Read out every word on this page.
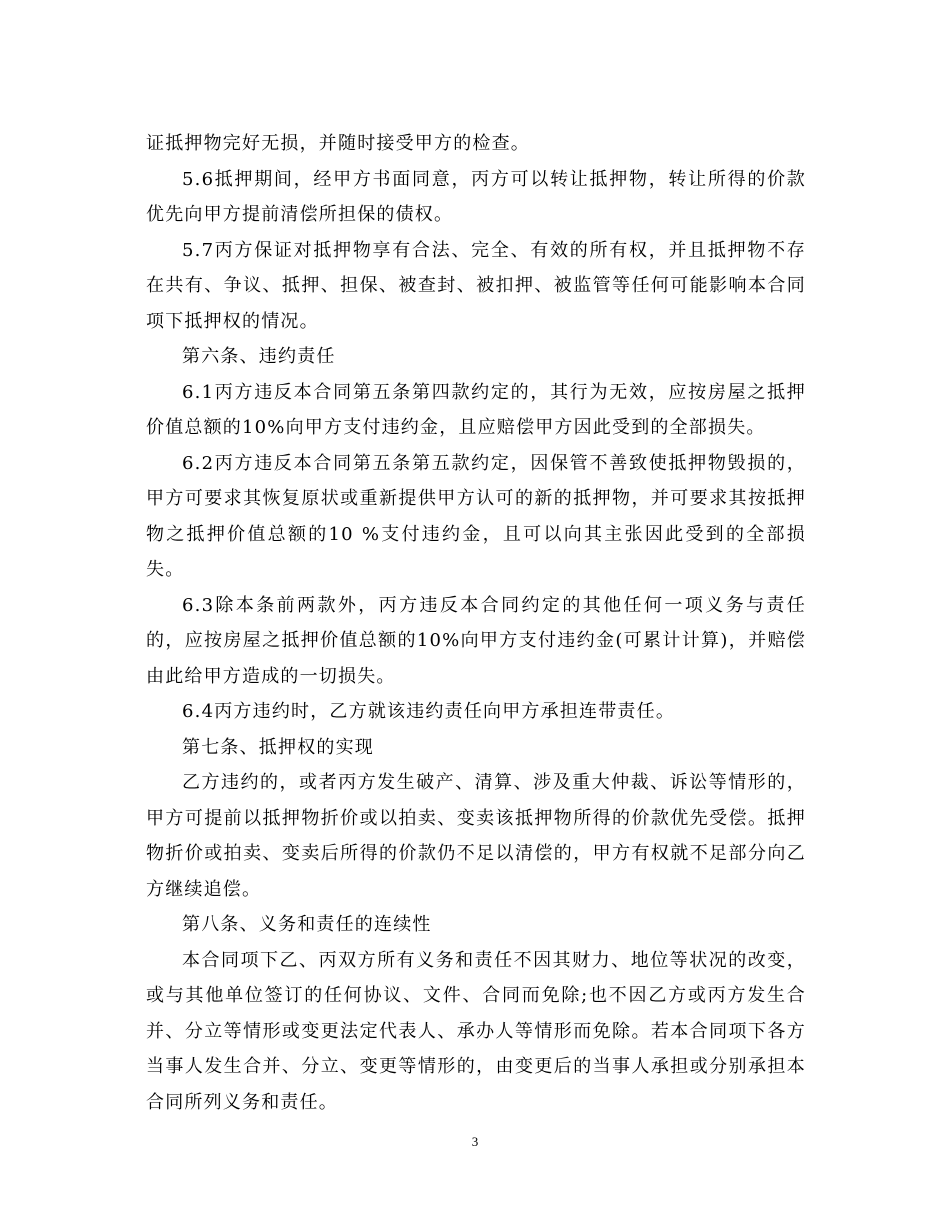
证抵押物完好无损，并随时接受甲方的检查。

5.6抵押期间，经甲方书面同意，丙方可以转让抵押物，转让所得的价款优先向甲方提前清偿所担保的债权。

5.7丙方保证对抵押物享有合法、完全、有效的所有权，并且抵押物不存在共有、争议、抵押、担保、被查封、被扣押、被监管等任何可能影响本合同项下抵押权的情况。

第六条、违约责任

6.1丙方违反本合同第五条第四款约定的，其行为无效，应按房屋之抵押价值总额的10%向甲方支付违约金，且应赔偿甲方因此受到的全部损失。

6.2丙方违反本合同第五条第五款约定，因保管不善致使抵押物毁损的，甲方可要求其恢复原状或重新提供甲方认可的新的抵押物，并可要求其按抵押物之抵押价值总额的10 %支付违约金，且可以向其主张因此受到的全部损失。

6.3除本条前两款外，丙方违反本合同约定的其他任何一项义务与责任的，应按房屋之抵押价值总额的10%向甲方支付违约金(可累计计算)，并赔偿由此给甲方造成的一切损失。

6.4丙方违约时，乙方就该违约责任向甲方承担连带责任。

第七条、抵押权的实现

乙方违约的，或者丙方发生破产、清算、涉及重大仲裁、诉讼等情形的，甲方可提前以抵押物折价或以拍卖、变卖该抵押物所得的价款优先受偿。抵押物折价或拍卖、变卖后所得的价款仍不足以清偿的，甲方有权就不足部分向乙方继续追偿。

第八条、义务和责任的连续性

本合同项下乙、丙双方所有义务和责任不因其财力、地位等状况的改变，或与其他单位签订的任何协议、文件、合同而免除;也不因乙方或丙方发生合并、分立等情形或变更法定代表人、承办人等情形而免除。若本合同项下各方当事人发生合并、分立、变更等情形的，由变更后的当事人承担或分别承担本合同所列义务和责任。

3
